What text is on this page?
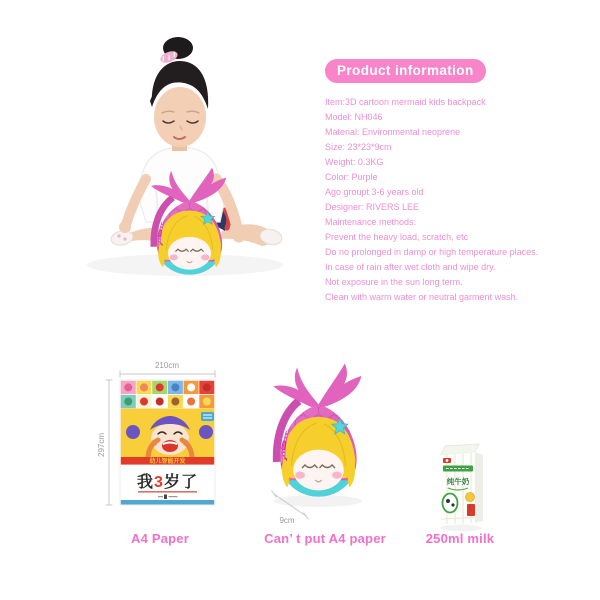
Product information
Item:3D cartoon mermaid kids backpack
Model: NH046
Material: Environmental neoprene
Size: 23*23*9cm
Weight: 0.3KG
Color: Purple
Ago groupt 3-6 years old
Designer: RIVERS LEE
Maintenance methods:
Prevent the heavy load, scratch, etc
Do no prolonged in damp or high temperature places.
In case of rain after wet cloth and wipe dry.
Not exposure in the sun long term.
Clean with warm water or neutral garment wash.
210cm
297cm
幼儿智能开发
我3岁了
9cm
纯牛奶
A4 Paper	Can’ t put A4 paper	250ml milk
